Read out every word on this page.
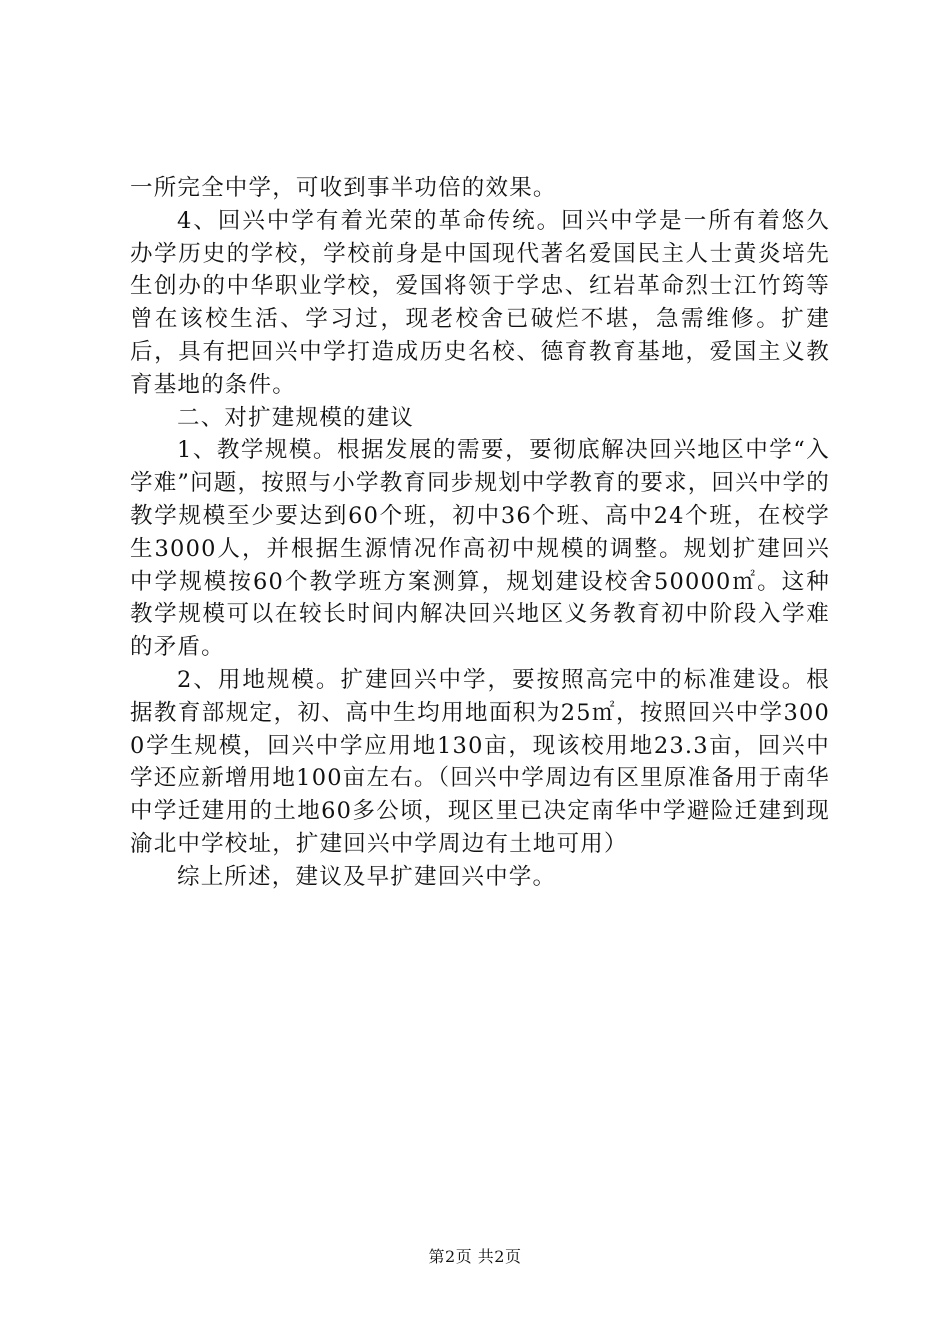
一所完全中学，可收到事半功倍的效果。

4、回兴中学有着光荣的革命传统。回兴中学是一所有着悠久办学历史的学校，学校前身是中国现代著名爱国民主人士黄炎培先生创办的中华职业学校，爱国将领于学忠、红岩革命烈士江竹筠等曾在该校生活、学习过，现老校舍已破烂不堪，急需维修。扩建后，具有把回兴中学打造成历史名校、德育教育基地，爱国主义教育基地的条件。

二、对扩建规模的建议

1、教学规模。根据发展的需要，要彻底解决回兴地区中学“入学难”问题，按照与小学教育同步规划中学教育的要求，回兴中学的教学规模至少要达到60个班，初中36个班、高中24个班，在校学生3000人，并根据生源情况作高初中规模的调整。规划扩建回兴中学规模按60个教学班方案测算，规划建设校舍50000㎡。这种教学规模可以在较长时间内解决回兴地区义务教育初中阶段入学难的矛盾。

2、用地规模。扩建回兴中学，要按照高完中的标准建设。根据教育部规定，初、高中生均用地面积为25㎡，按照回兴中学3000学生规模，回兴中学应用地130亩，现该校用地23.3亩，回兴中学还应新增用地100亩左右。（回兴中学周边有区里原准备用于南华中学迁建用的土地60多公顷，现区里已决定南华中学避险迁建到现渝北中学校址，扩建回兴中学周边有土地可用）

综上所述，建议及早扩建回兴中学。

第2页 共2页
